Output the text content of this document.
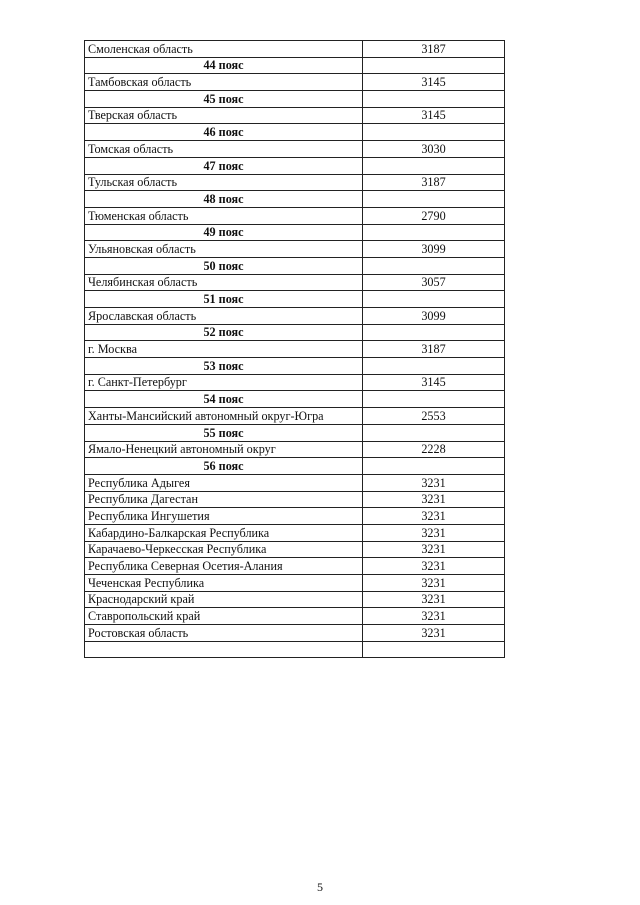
Смоленская область	3187
44 пояс	
Тамбовская область	3145
45 пояс	
Тверская область	3145
46 пояс	
Томская область	3030
47 пояс	
Тульская область	3187
48 пояс	
Тюменская область	2790
49 пояс	
Ульяновская область	3099
50 пояс	
Челябинская область	3057
51 пояс	
Ярославская область	3099
52 пояс	
г. Москва	3187
53 пояс	
г. Санкт-Петербург	3145
54 пояс	
Ханты-Мансийский автономный округ-Югра	2553
55 пояс	
Ямало-Ненецкий автономный округ	2228
56 пояс	
Республика Адыгея	3231
Республика Дагестан	3231
Республика Ингушетия	3231
Кабардино-Балкарская Республика	3231
Карачаево-Черкесская Республика	3231
Республика Северная Осетия-Алания	3231
Чеченская Республика	3231
Краснодарский край	3231
Ставропольский край	3231
Ростовская область	3231

5
